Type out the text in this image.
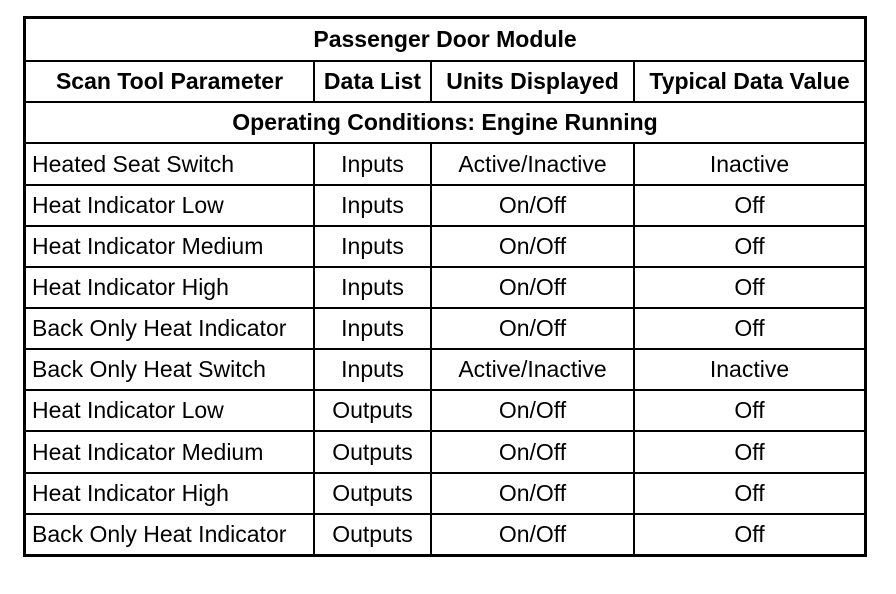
Passenger Door Module			
Scan Tool Parameter	Data List	Units Displayed	Typical Data Value
Operating Conditions: Engine Running			
Heated Seat Switch	Inputs	Active/Inactive	Inactive
Heat Indicator Low	Inputs	On/Off	Off
Heat Indicator Medium	Inputs	On/Off	Off
Heat Indicator High	Inputs	On/Off	Off
Back Only Heat Indicator	Inputs	On/Off	Off
Back Only Heat Switch	Inputs	Active/Inactive	Inactive
Heat Indicator Low	Outputs	On/Off	Off
Heat Indicator Medium	Outputs	On/Off	Off
Heat Indicator High	Outputs	On/Off	Off
Back Only Heat Indicator	Outputs	On/Off	Off
